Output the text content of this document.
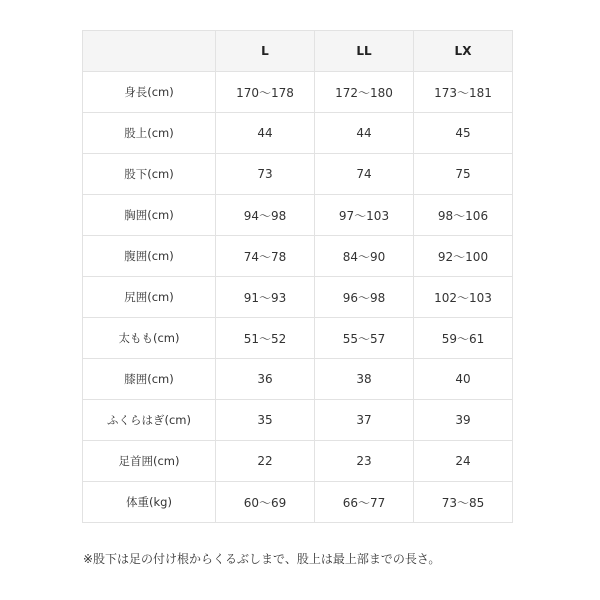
	L	LL	LX
身長(cm)	170〜178	172〜180	173〜181
股上(cm)	44	44	45
股下(cm)	73	74	75
胸囲(cm)	94〜98	97〜103	98〜106
腹囲(cm)	74〜78	84〜90	92〜100
尻囲(cm)	91〜93	96〜98	102〜103
太もも(cm)	51〜52	55〜57	59〜61
膝囲(cm)	36	38	40
ふくらはぎ(cm)	35	37	39
足首囲(cm)	22	23	24
体重(kg)	60〜69	66〜77	73〜85
※股下は足の付け根からくるぶしまで、股上は最上部までの長さ。
